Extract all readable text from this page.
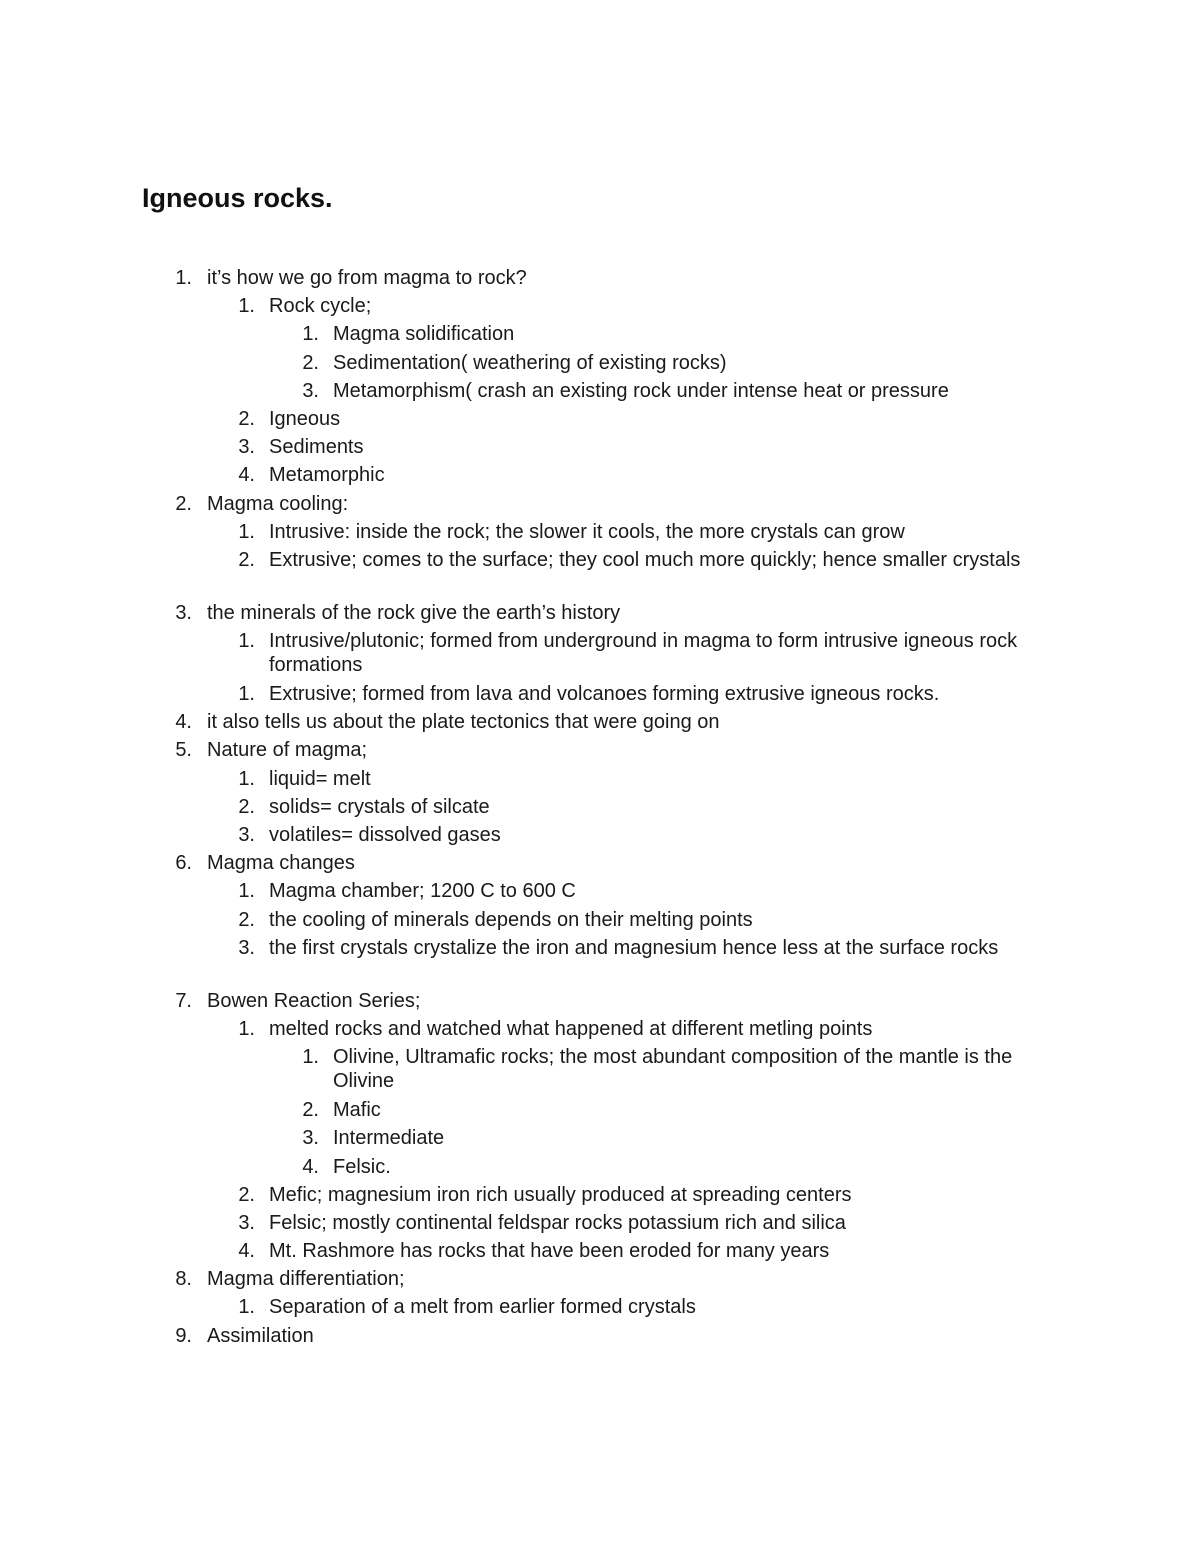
Igneous rocks.
1. it’s how we go from magma to rock?
1. Rock cycle;
1. Magma solidification
2. Sedimentation( weathering of existing rocks)
3. Metamorphism( crash an existing rock under intense heat or pressure
2. Igneous
3. Sediments
4. Metamorphic
2. Magma cooling:
1. Intrusive: inside the rock; the slower it cools, the more crystals can grow
2. Extrusive; comes to the surface; they cool much more quickly; hence smaller crystals
3. the minerals of the rock give the earth’s history
1. Intrusive/plutonic; formed from underground in magma to form intrusive igneous rock formations
1. Extrusive; formed from lava and volcanoes forming extrusive igneous rocks.
4. it also tells us about the plate tectonics that were going on
5. Nature of magma;
1. liquid= melt
2. solids= crystals of silcate
3. volatiles= dissolved gases
6. Magma changes
1. Magma chamber; 1200 C to 600 C
2. the cooling of minerals depends on their melting points
3. the first crystals crystalize the iron and magnesium hence less at the surface rocks
7. Bowen Reaction Series;
1. melted rocks and watched what happened at different metling points
1. Olivine, Ultramafic rocks; the most abundant composition of the mantle is the Olivine
2. Mafic
3. Intermediate
4. Felsic.
2. Mefic; magnesium iron rich usually produced at spreading centers
3. Felsic; mostly continental feldspar rocks potassium rich and silica
4. Mt. Rashmore has rocks that have been eroded for many years
8. Magma differentiation;
1. Separation of a melt from earlier formed crystals
9. Assimilation
